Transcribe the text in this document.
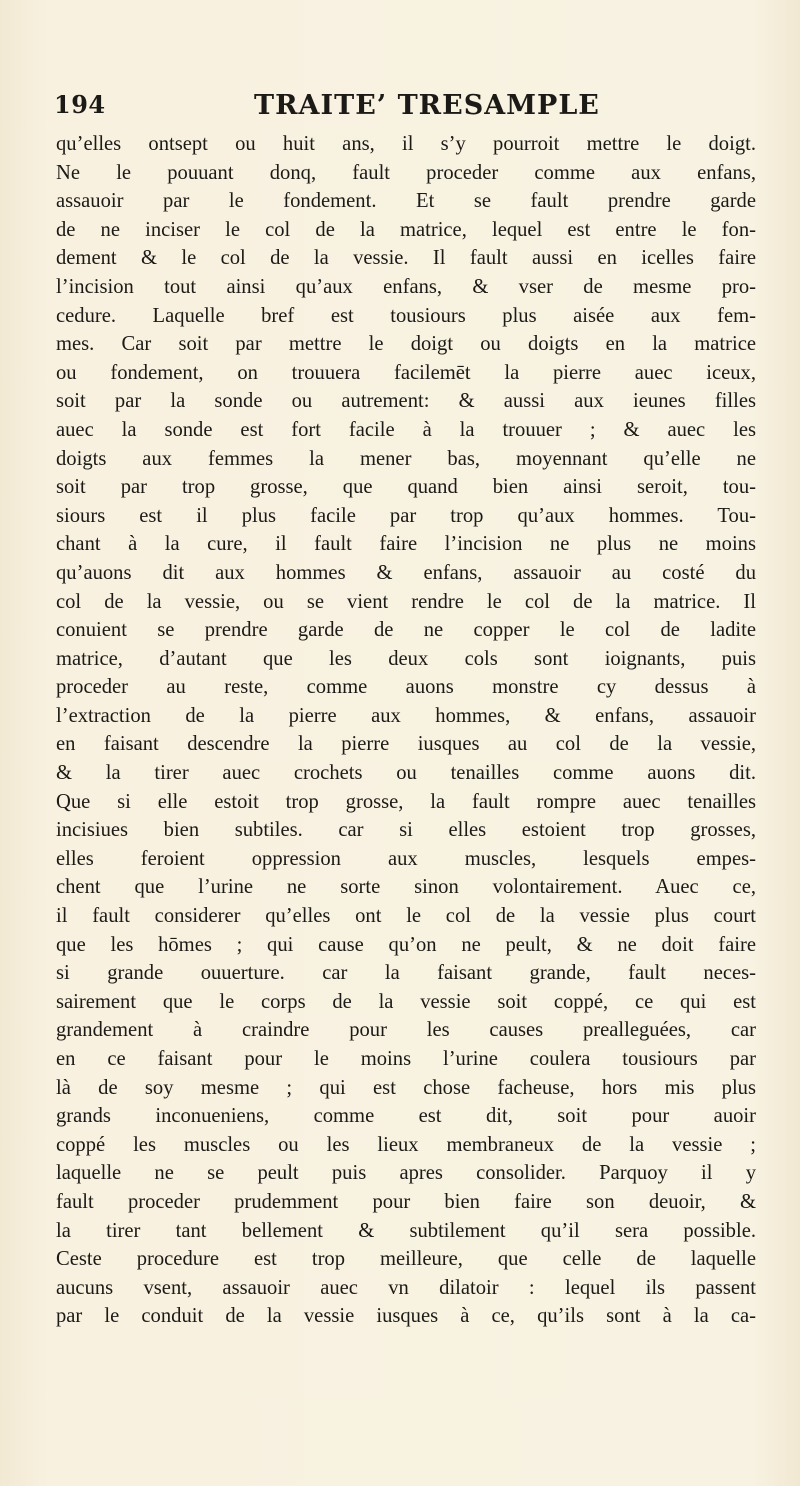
194	TRAITE’ TRESAMPLE
qu’elles ontsept ou huit ans, il s’y pourroit mettre le doigt.
Ne le pouuant donq, fault proceder comme aux enfans,
assauoir par le fondement. Et se fault prendre garde
de ne inciser le col de la matrice, lequel est entre le fon-
dement & le col de la vessie. Il fault aussi en icelles faire
l’incision tout ainsi qu’aux enfans, & vser de mesme pro-
cedure. Laquelle bref est tousiours plus aisée aux fem-
mes. Car soit par mettre le doigt ou doigts en la matrice
ou fondement, on trouuera facilemēt la pierre auec iceux,
soit par la sonde ou autrement: & aussi aux ieunes filles
auec la sonde est fort facile à la trouuer ; & auec les
doigts aux femmes la mener bas, moyennant qu’elle ne
soit par trop grosse, que quand bien ainsi seroit, tou-
siours est il plus facile par trop qu’aux hommes. Tou-
chant à la cure, il fault faire l’incision ne plus ne moins
qu’auons dit aux hommes & enfans, assauoir au costé du
col de la vessie, ou se vient rendre le col de la matrice. Il
conuient se prendre garde de ne copper le col de ladite
matrice, d’autant que les deux cols sont ioignants, puis
proceder au reste, comme auons monstre cy dessus à
l’extraction de la pierre aux hommes, & enfans, assauoir
en faisant descendre la pierre iusques au col de la vessie,
& la tirer auec crochets ou tenailles comme auons dit.
Que si elle estoit trop grosse, la fault rompre auec tenailles
incisiues bien subtiles. car si elles estoient trop grosses,
elles feroient oppression aux muscles, lesquels empes-
chent que l’urine ne sorte sinon volontairement. Auec ce,
il fault considerer qu’elles ont le col de la vessie plus court
que les hōmes ; qui cause qu’on ne peult, & ne doit faire
si grande ouuerture. car la faisant grande, fault neces-
sairement que le corps de la vessie soit coppé, ce qui est
grandement à craindre pour les causes prealleguées, car
en ce faisant pour le moins l’urine coulera tousiours par
là de soy mesme ; qui est chose facheuse, hors mis plus
grands inconueniens, comme est dit, soit pour auoir
coppé les muscles ou les lieux membraneux de la vessie ;
laquelle ne se peult puis apres consolider. Parquoy il y
fault proceder prudemment pour bien faire son deuoir, &
la tirer tant bellement & subtilement qu’il sera possible.
Ceste procedure est trop meilleure, que celle de laquelle
aucuns vsent, assauoir auec vn dilatoir : lequel ils passent
par le conduit de la vessie iusques à ce, qu’ils sont à la ca-
